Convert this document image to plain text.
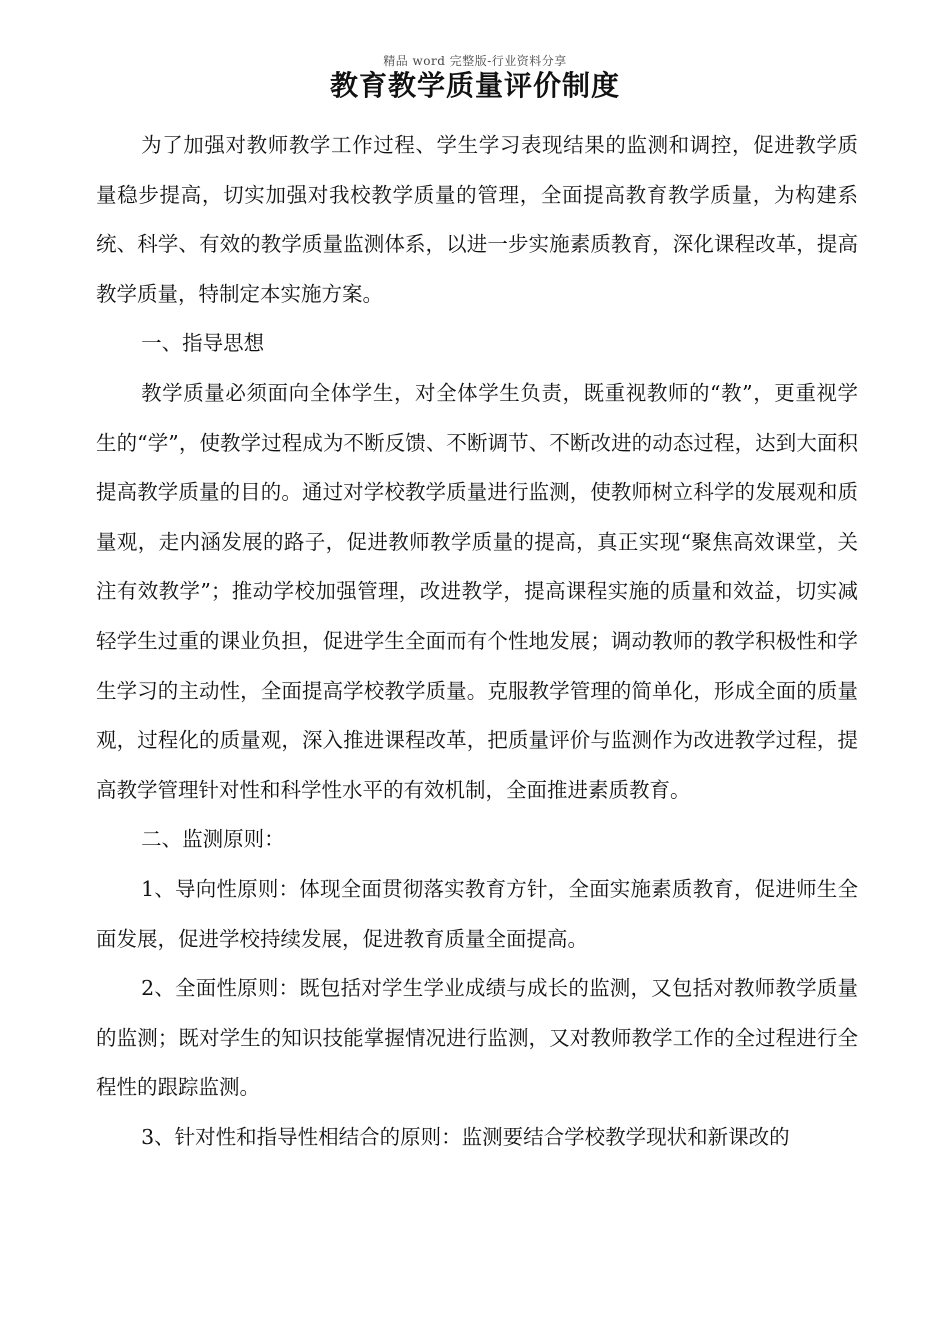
精品 word 完整版-行业资料分享
教育教学质量评价制度

为了加强对教师教学工作过程、学生学习表现结果的监测和调控，促进教学质量稳步提高，切实加强对我校教学质量的管理，全面提高教育教学质量，为构建系统、科学、有效的教学质量监测体系，以进一步实施素质教育，深化课程改革，提高教学质量，特制定本实施方案。

一、指导思想

教学质量必须面向全体学生，对全体学生负责，既重视教师的“教”，更重视学生的“学”，使教学过程成为不断反馈、不断调节、不断改进的动态过程，达到大面积提高教学质量的目的。通过对学校教学质量进行监测，使教师树立科学的发展观和质量观，走内涵发展的路子，促进教师教学质量的提高，真正实现“聚焦高效课堂，关注有效教学”；推动学校加强管理，改进教学，提高课程实施的质量和效益，切实减轻学生过重的课业负担，促进学生全面而有个性地发展；调动教师的教学积极性和学生学习的主动性，全面提高学校教学质量。克服教学管理的简单化，形成全面的质量观，过程化的质量观，深入推进课程改革，把质量评价与监测作为改进教学过程，提高教学管理针对性和科学性水平的有效机制，全面推进素质教育。

二、监测原则：

1、导向性原则：体现全面贯彻落实教育方针，全面实施素质教育，促进师生全面发展，促进学校持续发展，促进教育质量全面提高。

2、全面性原则：既包括对学生学业成绩与成长的监测，又包括对教师教学质量的监测；既对学生的知识技能掌握情况进行监测，又对教师教学工作的全过程进行全程性的跟踪监测。

3、针对性和指导性相结合的原则：监测要结合学校教学现状和新课改的
